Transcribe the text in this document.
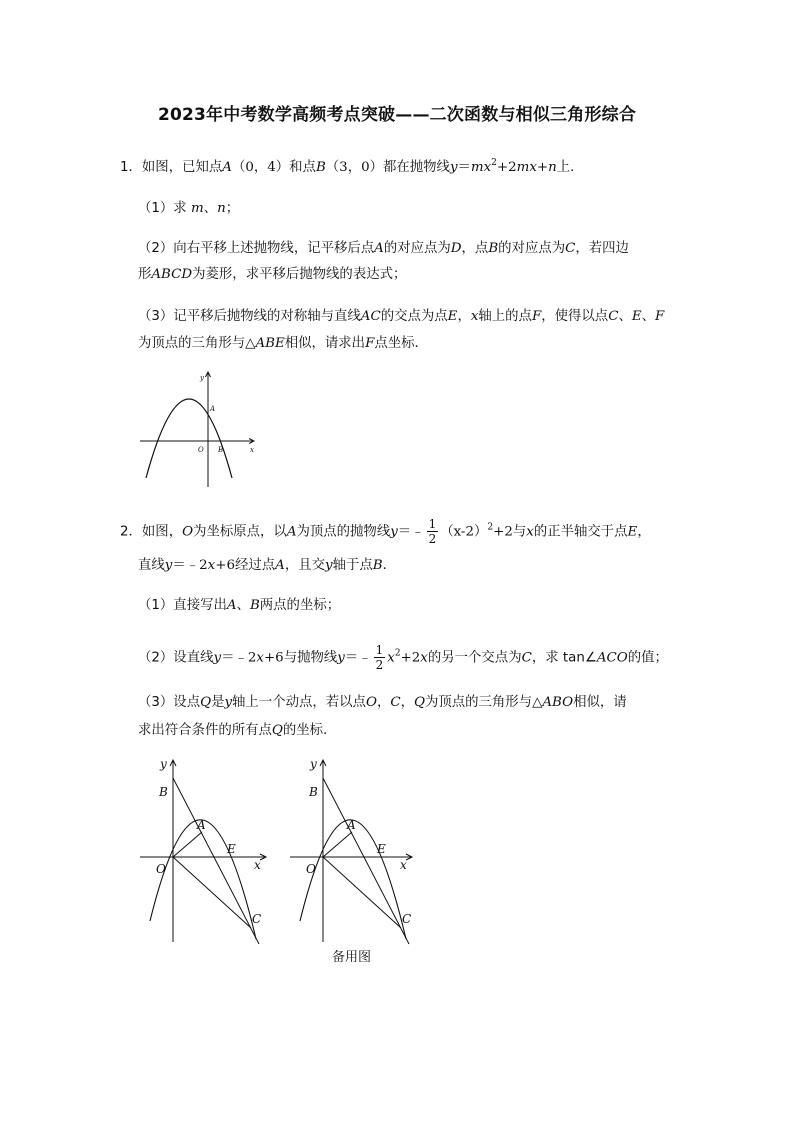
2023年中考数学高频考点突破——二次函数与相似三角形综合
1．如图，已知点A（0，4）和点B（3，0）都在抛物线$y=mx^2+2mx+n$上．
（1）求 m、n；
（2）向右平移上述抛物线，记平移后点A的对应点为D，点B的对应点为C，若四边
形ABCD为菱形，求平移后抛物线的表达式；
（3）记平移后抛物线的对称轴与直线AC的交点为点E，x轴上的点F，使得以点C、E、F
为顶点的三角形与△ABE相似，请求出F点坐标．
y
x
O
A
B
2．如图，O为坐标原点，以A为顶点的抛物线y＝﹣ $\frac{1}{2} (x-2)^2+2$与x的正半轴交于点E，
直线y＝﹣2x+6经过点A，且交y轴于点B．
（1）直接写出A、B两点的坐标；
（2）设直线y＝﹣2x+6与抛物线y＝﹣ $\frac{1}{2} x^2+2x$的另一个交点为C，求 tan∠ACO的值；
（3）设点Q是y轴上一个动点，若以点O，C，Q为顶点的三角形与△ABO相似，请
求出符合条件的所有点Q的坐标．
y
x
O
B
A
E
C
y
x
O
B
A
E
C
备用图
